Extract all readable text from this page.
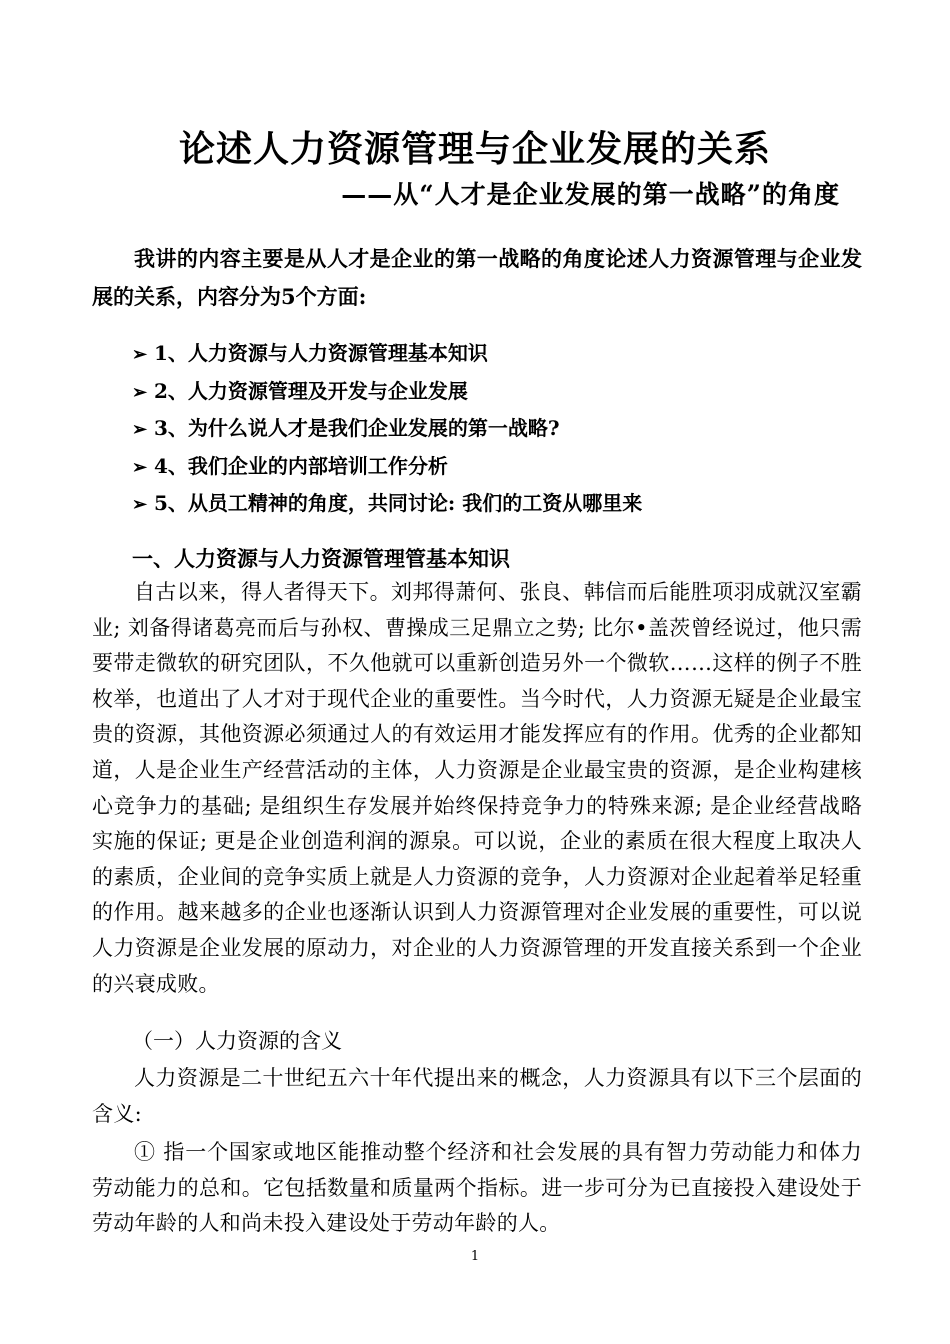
论述人力资源管理与企业发展的关系
——从“人才是企业发展的第一战略”的角度
我讲的内容主要是从人才是企业的第一战略的角度论述人力资源管理与企业发展的关系，内容分为5个方面:
➢ 1、人力资源与人力资源管理基本知识
➢ 2、人力资源管理及开发与企业发展
➢ 3、为什么说人才是我们企业发展的第一战略?
➢ 4、我们企业的内部培训工作分析
➢ 5、从员工精神的角度，共同讨论: 我们的工资从哪里来
一、人力资源与人力资源管理管基本知识
自古以来，得人者得天下。刘邦得萧何、张良、韩信而后能胜项羽成就汉室霸业; 刘备得诸葛亮而后与孙权、曹操成三足鼎立之势; 比尔•盖茨曾经说过，他只需要带走微软的研究团队，不久他就可以重新创造另外一个微软……这样的例子不胜枚举，也道出了人才对于现代企业的重要性。当今时代，人力资源无疑是企业最宝贵的资源，其他资源必须通过人的有效运用才能发挥应有的作用。优秀的企业都知道，人是企业生产经营活动的主体，人力资源是企业最宝贵的资源，是企业构建核心竞争力的基础; 是组织生存发展并始终保持竞争力的特殊来源; 是企业经营战略实施的保证; 更是企业创造利润的源泉。可以说，企业的素质在很大程度上取决人的素质，企业间的竞争实质上就是人力资源的竞争，人力资源对企业起着举足轻重的作用。越来越多的企业也逐渐认识到人力资源管理对企业发展的重要性，可以说人力资源是企业发展的原动力，对企业的人力资源管理的开发直接关系到一个企业的兴衰成败。
（一）人力资源的含义
人力资源是二十世纪五六十年代提出来的概念，人力资源具有以下三个层面的含义:
① 指一个国家或地区能推动整个经济和社会发展的具有智力劳动能力和体力劳动能力的总和。它包括数量和质量两个指标。进一步可分为已直接投入建设处于劳动年龄的人和尚未投入建设处于劳动年龄的人。
1
